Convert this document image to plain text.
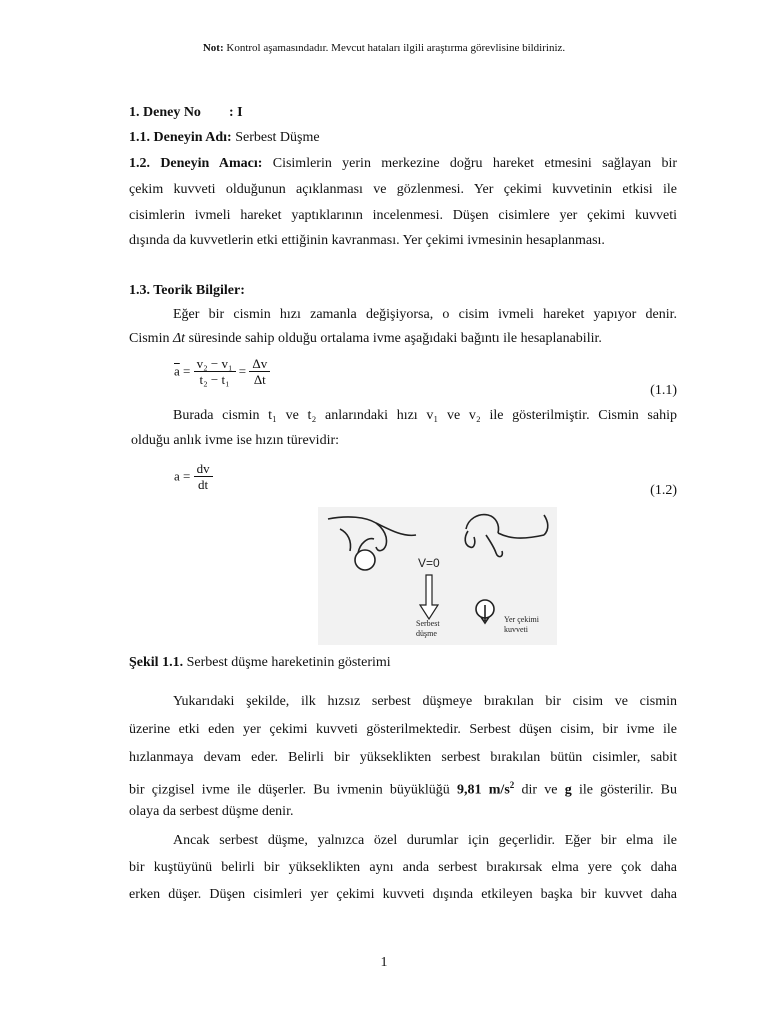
Not: Kontrol aşamasındadır. Mevcut hataları ilgili araştırma görevlisine bildiriniz.
1. Deney No : I
1.1. Deneyin Adı: Serbest Düşme
1.2. Deneyin Amacı: Cisimlerin yerin merkezine doğru hareket etmesini sağlayan bir
çekim kuvveti olduğunun açıklanması ve gözlenmesi. Yer çekimi kuvvetinin etkisi ile
cisimlerin ivmeli hareket yaptıklarının incelenmesi. Düşen cisimlere yer çekimi kuvveti
dışında da kuvvetlerin etki ettiğinin kavranması. Yer çekimi ivmesinin hesaplanması.
1.3. Teorik Bilgiler:
Eğer bir cismin hızı zamanla değişiyorsa, o cisim ivmeli hareket yapıyor denir.
Cismin Δt süresinde sahip olduğu ortalama ivme aşağıdaki bağıntı ile hesaplanabilir.
$\overline{a} = \frac{\text{v₂ − v₁}}{\text{t₂ − t₁}} = \frac{\Delta v}{\Delta t}$
(1.1)
Burada cismin t₁ ve t₂ anlarındaki hızı v₁ ve v₂ ile gösterilmiştir. Cismin sahip
olduğu anlık ivme ise hızın türevidir:
$a = \frac{dv}{dt}$	(1.2)
V=0
Serbest
düşme
Yer çekimi
kuvveti
Şekil 1.1. Serbest düşme hareketinin gösterimi
Yukarıdaki şekilde, ilk hızsız serbest düşmeye bırakılan bir cisim ve cismin
üzerine etki eden yer çekimi kuvveti gösterilmektedir. Serbest düşen cisim, bir ivme ile
hızlanmaya devam eder. Belirli bir yükseklikten serbest bırakılan bütün cisimler, sabit
bir çizgisel ivme ile düşerler. Bu ivmenin büyüklüğü 9,81 $m/s^2$ dir ve g ile gösterilir. Bu
olaya da serbest düşme denir.
Ancak serbest düşme, yalnızca özel durumlar için geçerlidir. Eğer bir elma ile
bir kuştüyünü belirli bir yükseklikten aynı anda serbest bırakırsak elma yere çok daha
erken düşer. Düşen cisimleri yer çekimi kuvveti dışında etkileyen başka bir kuvvet daha
1
